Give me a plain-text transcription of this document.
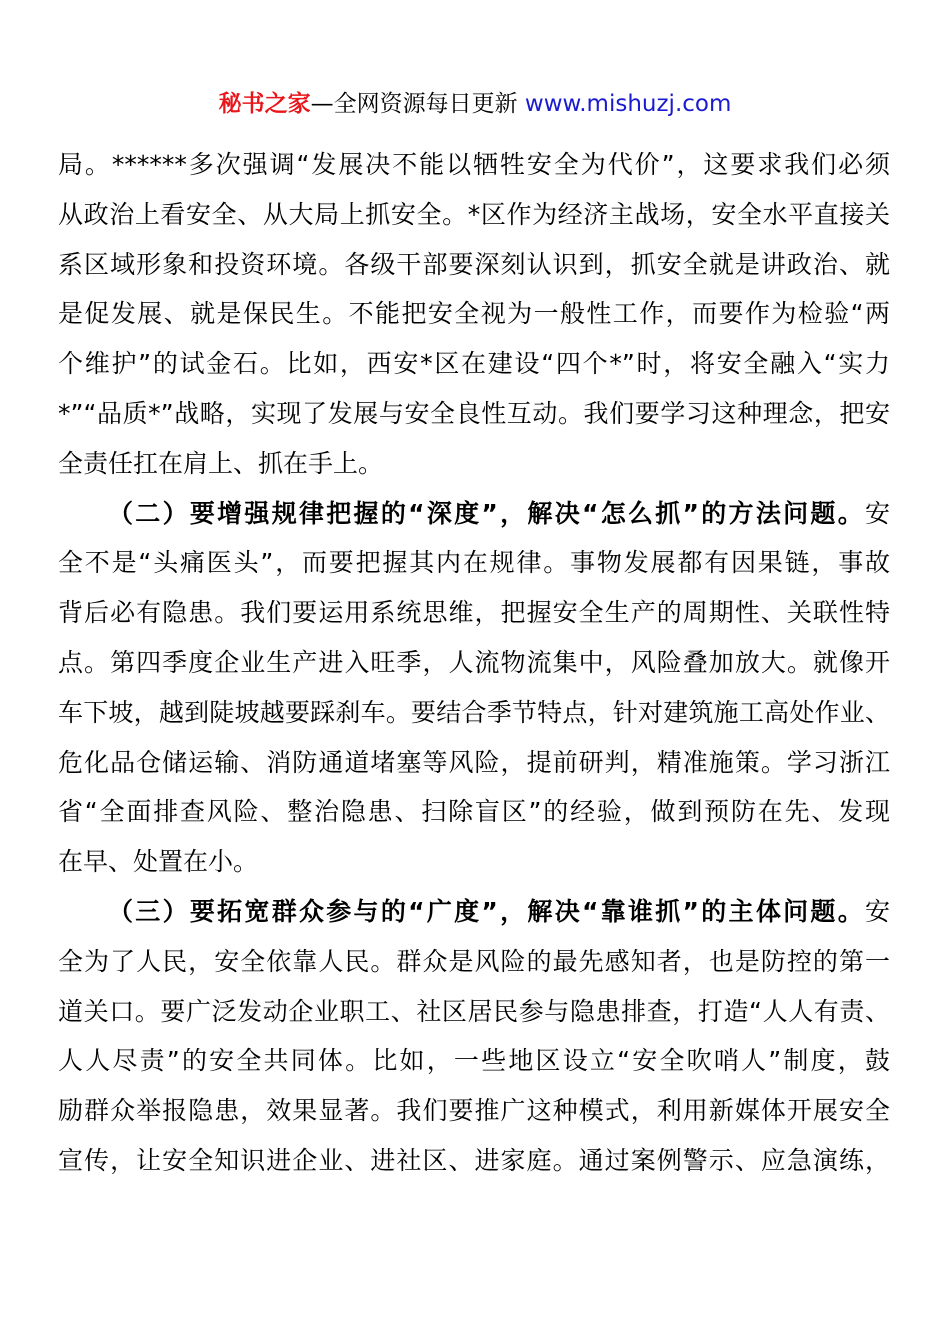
秘书之家—全网资源每日更新 www.mishuzj.com
局。******多次强调“发展决不能以牺牲安全为代价”，这要求我们必须
从政治上看安全、从大局上抓安全。*区作为经济主战场，安全水平直接关
系区域形象和投资环境。各级干部要深刻认识到，抓安全就是讲政治、就
是促发展、就是保民生。不能把安全视为一般性工作，而要作为检验“两
个维护”的试金石。比如，西安*区在建设“四个*”时，将安全融入“实力
*”“品质*”战略，实现了发展与安全良性互动。我们要学习这种理念，把安
全责任扛在肩上、抓在手上。
（二）要增强规律把握的“深度”，解决“怎么抓”的方法问题。安
全不是“头痛医头”，而要把握其内在规律。事物发展都有因果链，事故
背后必有隐患。我们要运用系统思维，把握安全生产的周期性、关联性特
点。第四季度企业生产进入旺季，人流物流集中，风险叠加放大。就像开
车下坡，越到陡坡越要踩刹车。要结合季节特点，针对建筑施工高处作业、
危化品仓储运输、消防通道堵塞等风险，提前研判，精准施策。学习浙江
省“全面排查风险、整治隐患、扫除盲区”的经验，做到预防在先、发现
在早、处置在小。
（三）要拓宽群众参与的“广度”，解决“靠谁抓”的主体问题。安
全为了人民，安全依靠人民。群众是风险的最先感知者，也是防控的第一
道关口。要广泛发动企业职工、社区居民参与隐患排查，打造“人人有责、
人人尽责”的安全共同体。比如，一些地区设立“安全吹哨人”制度，鼓
励群众举报隐患，效果显著。我们要推广这种模式，利用新媒体开展安全
宣传，让安全知识进企业、进社区、进家庭。通过案例警示、应急演练，
